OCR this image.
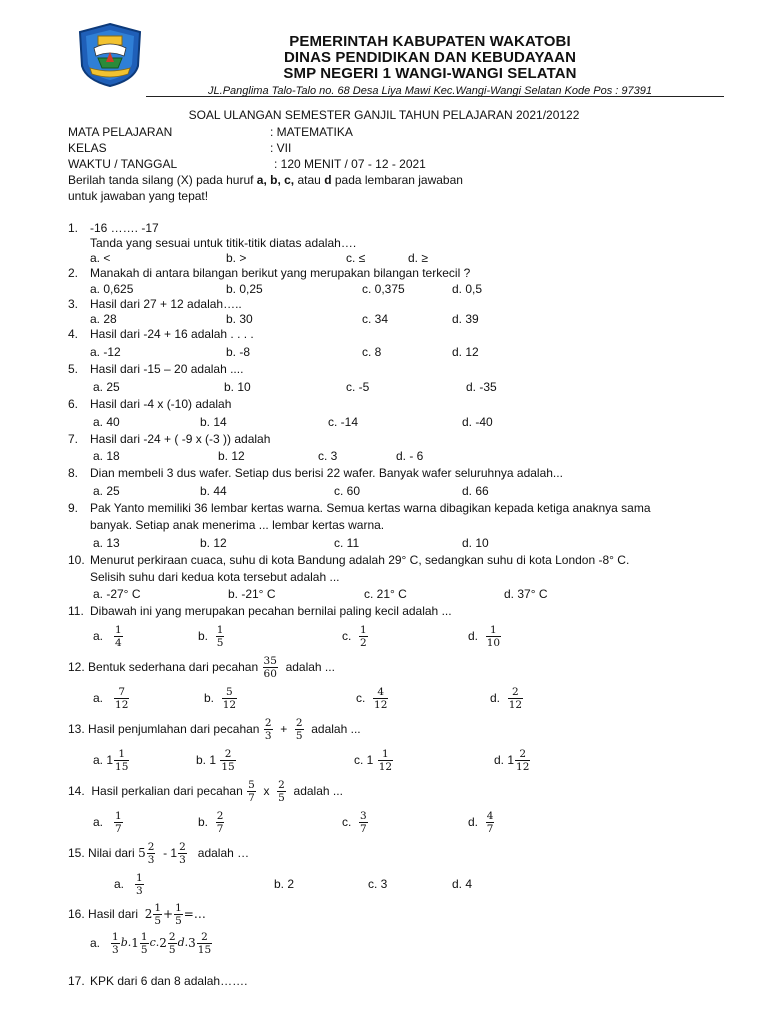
PEMERINTAH KABUPATEN WAKATOBI
DINAS PENDIDIKAN DAN KEBUDAYAAN
SMP NEGERI 1 WANGI-WANGI SELATAN
JL.Panglima Talo-Talo no. 68 Desa Liya Mawi Kec.Wangi-Wangi Selatan Kode Pos : 97391
SOAL ULANGAN SEMESTER GANJIL TAHUN PELAJARAN 2021/20122
MATA PELAJARAN	: MATEMATIKA
KELAS	: VII
WAKTU / TANGGAL	: 120 MENIT / 07 - 12 - 2021
Berilah tanda silang (X) pada huruf a, b, c, atau d pada lembaran jawaban
untuk jawaban yang tepat!
1. -16 ……. -17
Tanda yang sesuai untuk titik-titik diatas adalah….
a. <	b. >	c. ≤	d. ≥
2. Manakah di antara bilangan berikut yang merupakan bilangan terkecil ?
a. 0,625	b. 0,25	c. 0,375	d. 0,5
3. Hasil dari 27 + 12 adalah…..
a. 28	b. 30	c. 34	d. 39
4. Hasil dari -24 + 16 adalah . . . .
a. -12	b. -8	c. 8	d. 12
5. Hasil dari -15 – 20 adalah ....
a. 25	b. 10	c. -5	d. -35
6. Hasil dari -4 x (-10) adalah
a. 40	b. 14	c. -14	d. -40
7. Hasil dari -24 + ( -9 x (-3 )) adalah
a. 18	b. 12	c. 3	d. - 6
8. Dian membeli 3 dus wafer. Setiap dus berisi 22 wafer. Banyak wafer seluruhnya adalah...
a. 25	b. 44	c. 60	d. 66
9. Pak Yanto memiliki 36 lembar kertas warna. Semua kertas warna dibagikan kepada ketiga anaknya sama
banyak. Setiap anak menerima ... lembar kertas warna.
a. 13	b. 12	c. 11	d. 10
10. Menurut perkiraan cuaca, suhu di kota Bandung adalah 29° C, sedangkan suhu di kota London -8° C.
Selisih suhu dari kedua kota tersebut adalah ...
a. -27° C	b. -21° C	c. 21° C	d. 37° C
11. Dibawah ini yang merupakan pecahan bernilai paling kecil adalah ...
a.
$\frac{1}{4}$	b.
$\frac{1}{5}$	c.
$\frac{1}{2}$	d.
$\frac{1}{10}$
12.
Bentuk sederhana dari pecahan
$\frac{35}{60}$
adalah ...
a.
$\frac{7}{12}$	b.
$\frac{5}{12}$	c.
$\frac{4}{12}$	d.
$\frac{2}{12}$
13.
Hasil penjumlahan dari pecahan
$\frac{2}{3}$
+
$\frac{2}{5}$
adalah ...
a. $1 \frac{1}{15}$	b. 1
$\frac{2}{15}$	c. 1
$\frac{1}{12}$	d. $1 \frac{2}{12}$
14.
Hasil perkalian dari pecahan
$\frac{5}{7}$
x
$\frac{2}{5}$
adalah ...
a.
$\frac{1}{7}$	b.
$\frac{2}{7}$	c.
$\frac{3}{7}$	d.
$\frac{4}{7}$
15.
Nilai dari
$5 \frac{2}{3}$
- $1 \frac{2}{3}$
adalah …
a.
$\frac{1}{3}$	b. 2	c. 3	d. 4
16.
Hasil dari
$2 \frac{1}{5} + \frac{1}{5}$ =…
a.
$\frac{1}{3} b$. $1 \frac{1}{5} c$. $2 \frac{2}{5} d$. $3 \frac{2}{15}$
17. KPK dari 6 dan 8 adalah…….
